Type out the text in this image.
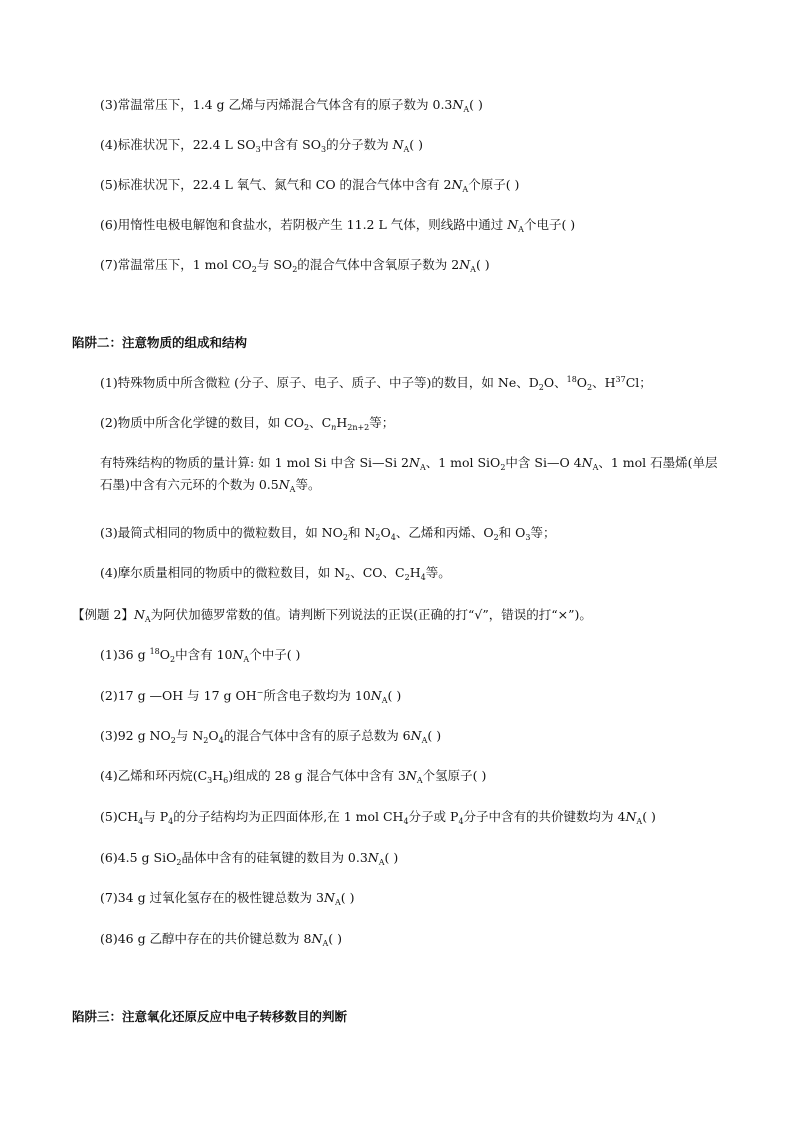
(3)常温常压下，1.4 g 乙烯与丙烯混合气体含有的原子数为 $0.3N_A$( )
(4)标准状况下，22.4 L $SO_3$中含有 $SO_3$的分子数为 $N_A$( )
(5)标准状况下，22.4 L 氧气、氮气和 CO 的混合气体中含有 $2N_A$个原子( )
(6)用惰性电极电解饱和食盐水，若阴极产生 11.2 L 气体，则线路中通过 $N_A$个电子( )
(7)常温常压下，1 mol $CO_2$与 $SO_2$的混合气体中含氧原子数为 $2N_A$( )
陷阱二：注意物质的组成和结构
(1)特殊物质中所含微粒 (分子、原子、电子、质子、中子等)的数目，如 Ne、$D_2O$、$^{18}O_2$、$H^{37}Cl$；
(2)物质中所含化学键的数目，如 $CO_2$、$C_nH_{2n+2}$等；
有特殊结构的物质的量计算: 如 1 mol Si 中含 Si—Si $2N_A$、1 mol SiO$_2$中含 Si—O $4N_A$、1 mol 石墨烯(单层石墨)中含有六元环的个数为 $0.5N_A$等。
(3)最简式相同的物质中的微粒数目，如 $NO_2$和 $N_2O_4$、乙烯和丙烯、$O_2$和 $O_3$等；
(4)摩尔质量相同的物质中的微粒数目，如 $N_2$、CO、$C_2H_4$等。
【例题 2】$N_A$为阿伏加德罗常数的值。请判断下列说法的正误(正确的打“√”，错误的打“×”)。
(1)36 g $^{18}O_2$中含有 $10N_A$个中子( )
(2)17 g —OH 与 17 g OH−所含电子数均为 $10N_A$( )
(3)92 g $NO_2$与 $N_2O_4$的混合气体中含有的原子总数为 $6N_A$( )
(4)乙烯和环丙烷$(C_3H_6)$组成的 28 g 混合气体中含有 $3N_A$个氢原子( )
$(5)CH_4$与 $P_4$的分子结构均为正四面体形,在 1 mol $CH_4$分子或 $P_4$分子中含有的共价键数均为 $4N_A$( )
(6)4.5 g SiO$_2$晶体中含有的硅氧键的数目为 $0.3N_A$( )
(7)34 g 过氧化氢存在的极性键总数为 $3N_A$( )
(8)46 g 乙醇中存在的共价键总数为 $8N_A$( )
陷阱三：注意氧化还原反应中电子转移数目的判断
